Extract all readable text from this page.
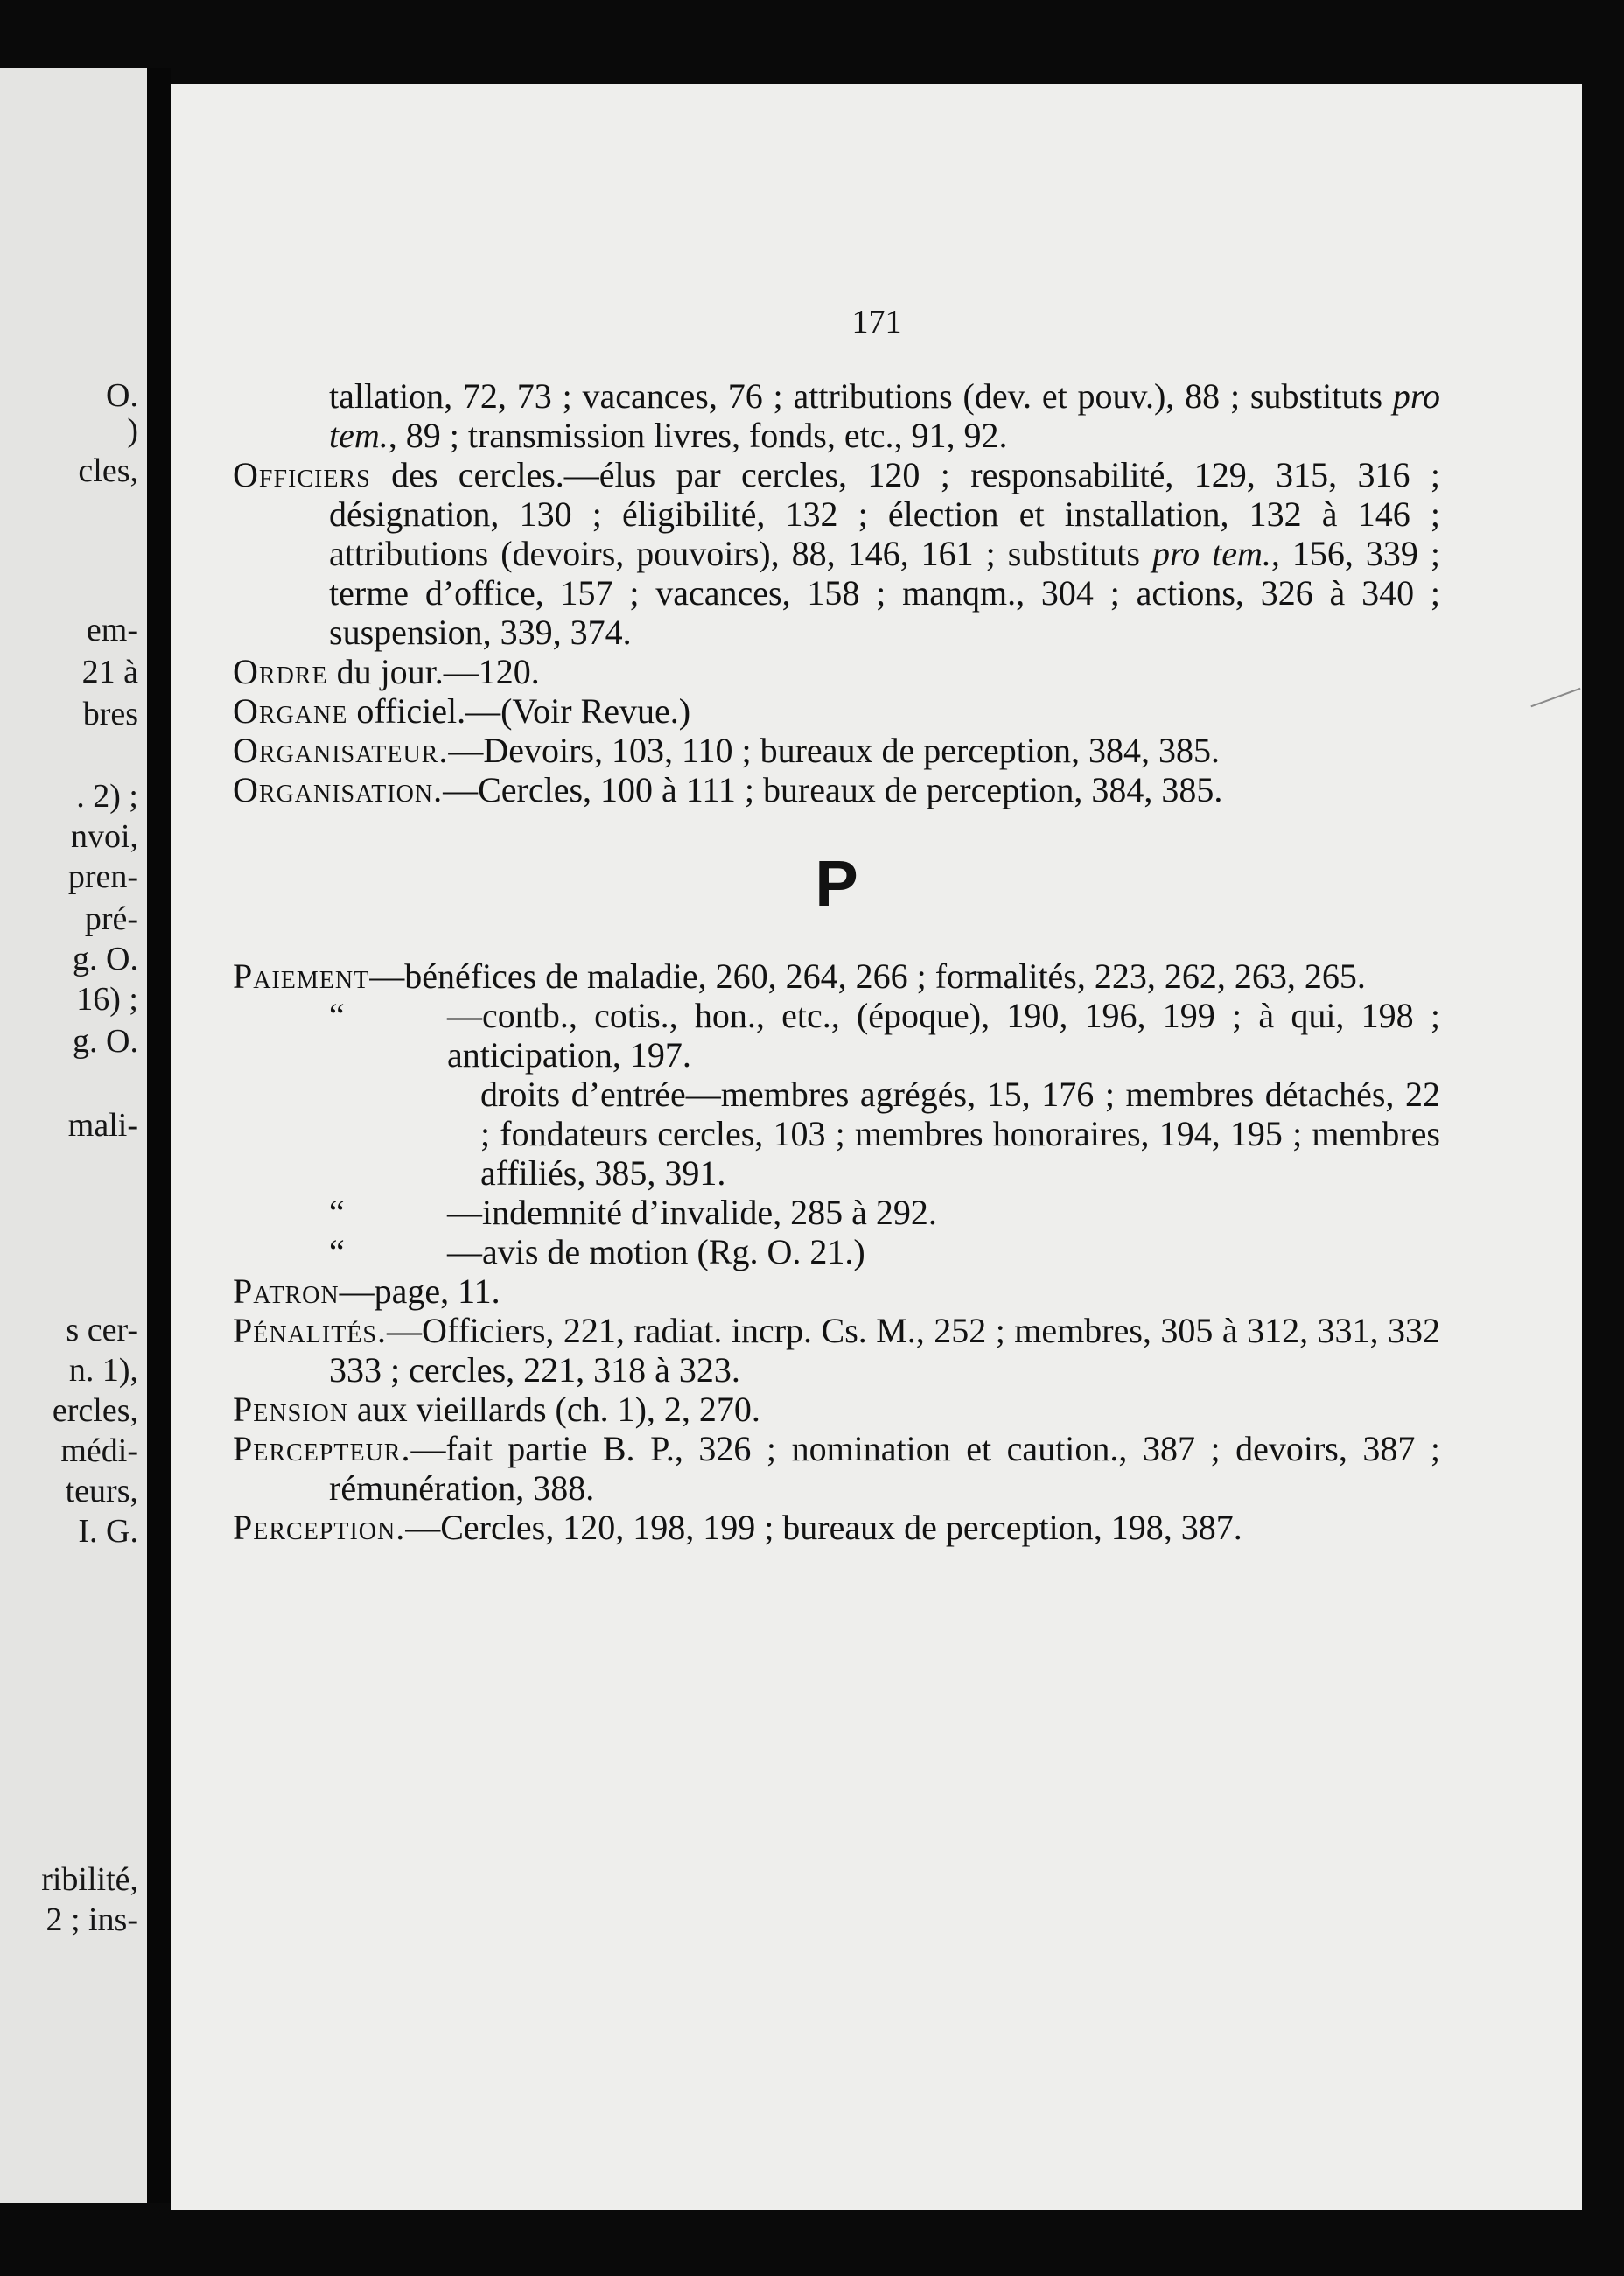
O.
)
cles,
em-
21 à
bres
. 2) ;
nvoi,
pren-
pré-
g. O.
16) ;
g. O.
mali-
s cer-
n. 1),
ercles,
médi-
teurs,
I. G.
ribilité,
2 ; ins-
171

tallation, 72, 73 ; vacances, 76 ; attributions (dev. et pouv.), 88 ; substituts pro tem., 89 ; transmission livres, fonds, etc., 91, 92.

Officiers des cercles.—élus par cercles, 120 ; responsabilité, 129, 315, 316 ; désignation, 130 ; éligibilité, 132 ; élection et installation, 132 à 146 ; attributions (devoirs, pouvoirs), 88, 146, 161 ; substituts pro tem., 156, 339 ; terme d’office, 157 ; vacances, 158 ; manqm., 304 ; actions, 326 à 340 ; suspension, 339, 374.

Ordre du jour.—120.

Organe officiel.—(Voir Revue.)

Organisateur.—Devoirs, 103, 110 ; bureaux de perception, 384, 385.

Organisation.—Cercles, 100 à 111 ; bureaux de perception, 384, 385.

P

Paiement—bénéfices de maladie, 260, 264, 266 ; formalités, 223, 262, 263, 265.

“	—contb., cotis., hon., etc., (époque), 190, 196, 199 ; à qui, 198 ; anticipation, 197.

droits d’entrée—membres agrégés, 15, 176 ; membres détachés, 22 ; fondateurs cercles, 103 ; membres honoraires, 194, 195 ; membres affiliés, 385, 391.

“	—indemnité d’invalide, 285 à 292.

“	—avis de motion (Rg. O. 21.)

Patron—page, 11.

Pénalités.—Officiers, 221, radiat. incrp. Cs. M., 252 ; membres, 305 à 312, 331, 332 333 ; cercles, 221, 318 à 323.

Pension aux vieillards (ch. 1), 2, 270.

Percepteur.—fait partie B. P., 326 ; nomination et caution., 387 ; devoirs, 387 ; rémunération, 388.

Perception.—Cercles, 120, 198, 199 ; bureaux de perception, 198, 387.
